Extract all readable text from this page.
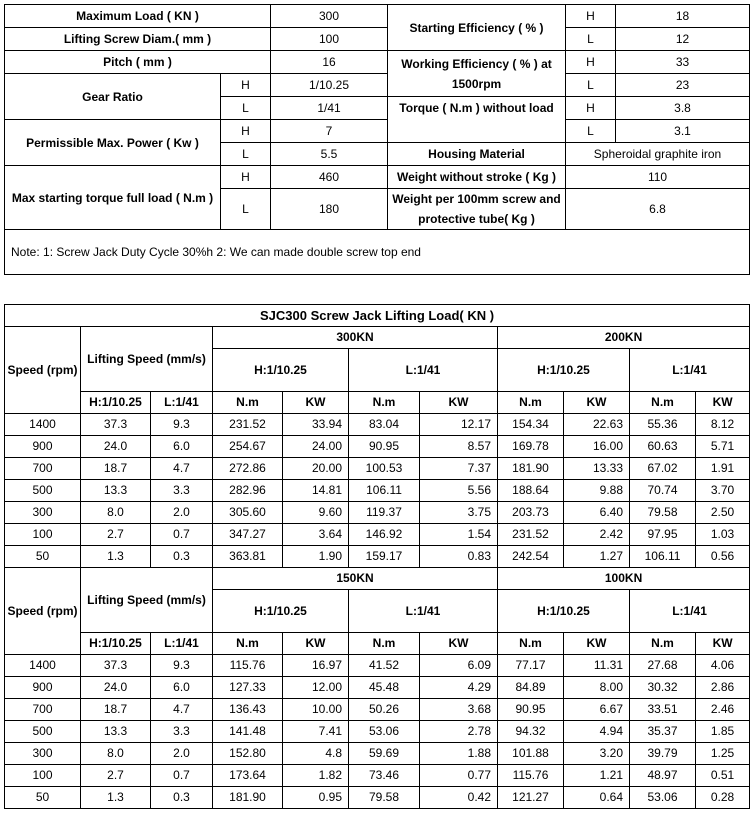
Maximum Load ( KN )		300	Starting Efficiency ( % )	H	18
Lifting Screw Diam.( mm )		100		L	12
Pitch ( mm )		16	Working Efficiency ( % ) at 1500rpm	H	33
Gear Ratio	H	1/10.25		L	23
	L	1/41	Torque ( N.m ) without load	H	3.8
Permissible Max. Power ( Kw )	H	7		L	3.1
	L	5.5	Housing Material	Spheroidal graphite iron	
Max starting torque full load ( N.m )	H	460	Weight without stroke ( Kg )	110	
	L	180	Weight per 100mm screw and protective tube( Kg )	6.8	
Note: 1: Screw Jack Duty Cycle 30%h 2: We can made double screw top end					
SJC300 Screw Jack Lifting Load( KN )										
Speed (rpm)	Lifting Speed (mm/s)		300KN				200KN			
			H:1/10.25		L:1/41		H:1/10.25		L:1/41	
	H:1/10.25	L:1/41	N.m	KW	N.m	KW	N.m	KW	N.m	KW
1400	37.3	9.3	231.52	33.94	83.04	12.17	154.34	22.63	55.36	8.12
900	24.0	6.0	254.67	24.00	90.95	8.57	169.78	16.00	60.63	5.71
700	18.7	4.7	272.86	20.00	100.53	7.37	181.90	13.33	67.02	1.91
500	13.3	3.3	282.96	14.81	106.11	5.56	188.64	9.88	70.74	3.70
300	8.0	2.0	305.60	9.60	119.37	3.75	203.73	6.40	79.58	2.50
100	2.7	0.7	347.27	3.64	146.92	1.54	231.52	2.42	97.95	1.03
50	1.3	0.3	363.81	1.90	159.17	0.83	242.54	1.27	106.11	0.56
Speed (rpm)	Lifting Speed (mm/s)		150KN				100KN			
			H:1/10.25		L:1/41		H:1/10.25		L:1/41	
	H:1/10.25	L:1/41	N.m	KW	N.m	KW	N.m	KW	N.m	KW
1400	37.3	9.3	115.76	16.97	41.52	6.09	77.17	11.31	27.68	4.06
900	24.0	6.0	127.33	12.00	45.48	4.29	84.89	8.00	30.32	2.86
700	18.7	4.7	136.43	10.00	50.26	3.68	90.95	6.67	33.51	2.46
500	13.3	3.3	141.48	7.41	53.06	2.78	94.32	4.94	35.37	1.85
300	8.0	2.0	152.80	4.8	59.69	1.88	101.88	3.20	39.79	1.25
100	2.7	0.7	173.64	1.82	73.46	0.77	115.76	1.21	48.97	0.51
50	1.3	0.3	181.90	0.95	79.58	0.42	121.27	0.64	53.06	0.28
